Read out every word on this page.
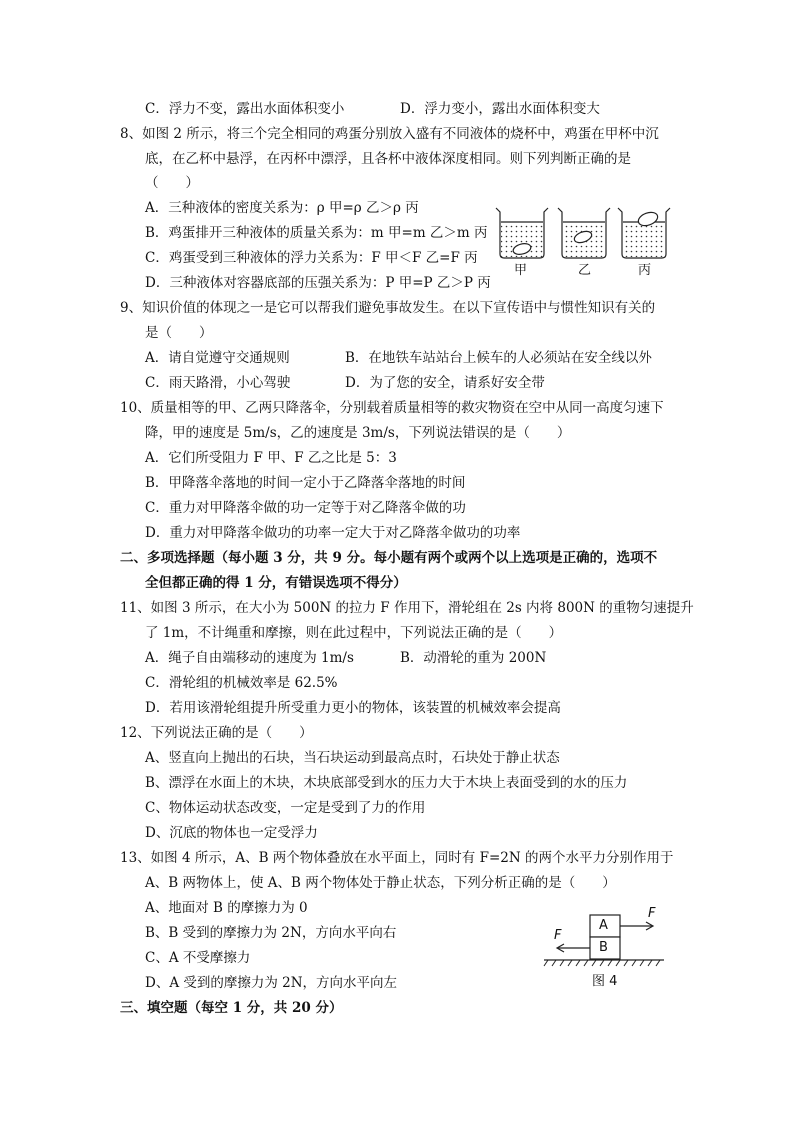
C．浮力不变，露出水面体积变小	D．浮力变小，露出水面体积变大
8、如图 2 所示，将三个完全相同的鸡蛋分别放入盛有不同液体的烧杯中，鸡蛋在甲杯中沉
底，在乙杯中悬浮，在丙杯中漂浮，且各杯中液体深度相同。则下列判断正确的是
（　　）
A．三种液体的密度关系为：ρ 甲=ρ 乙＞ρ 丙
B．鸡蛋排开三种液体的质量关系为：m 甲=m 乙＞m 丙
C．鸡蛋受到三种液体的浮力关系为：F 甲＜F 乙=F 丙
D．三种液体对容器底部的压强关系为：P 甲=P 乙＞P 丙
甲	乙	丙
9、知识价值的体现之一是它可以帮我们避免事故发生。在以下宣传语中与惯性知识有关的
是（　　）
A．请自觉遵守交通规则	B．在地铁车站站台上候车的人必须站在安全线以外
C．雨天路滑，小心驾驶	D．为了您的安全，请系好安全带
10、质量相等的甲、乙两只降落伞，分别载着质量相等的救灾物资在空中从同一高度匀速下
降，甲的速度是 5m/s，乙的速度是 3m/s，下列说法错误的是（　　）
A．它们所受阻力 F 甲、F 乙之比是 5：3
B．甲降落伞落地的时间一定小于乙降落伞落地的时间
C．重力对甲降落伞做的功一定等于对乙降落伞做的功
D．重力对甲降落伞做功的功率一定大于对乙降落伞做功的功率
二、多项选择题（每小题 3 分，共 9 分。每小题有两个或两个以上选项是正确的，选项不
全但都正确的得 1 分，有错误选项不得分）
11、如图 3 所示，在大小为 500N 的拉力 F 作用下，滑轮组在 2s 内将 800N 的重物匀速提升
了 1m，不计绳重和摩擦，则在此过程中，下列说法正确的是（　　）
A．绳子自由端移动的速度为 1m/s	B．动滑轮的重为 200N
C．滑轮组的机械效率是 62.5%
D．若用该滑轮组提升所受重力更小的物体，该装置的机械效率会提高
12、下列说法正确的是（　　）
A、竖直向上抛出的石块，当石块运动到最高点时，石块处于静止状态
B、漂浮在水面上的木块，木块底部受到水的压力大于木块上表面受到的水的压力
C、物体运动状态改变，一定是受到了力的作用
D、沉底的物体也一定受浮力
13、如图 4 所示，A、B 两个物体叠放在水平面上，同时有 F=2N 的两个水平力分别作用于
A、B 两物体上，使 A、B 两个物体处于静止状态，下列分析正确的是（　　）
A、地面对 B 的摩擦力为 0
B、B 受到的摩擦力为 2N，方向水平向右
C、A 不受摩擦力
D、A 受到的摩擦力为 2N，方向水平向左
A
B
F
F
图 4
三、填空题（每空 1 分，共 20 分）
